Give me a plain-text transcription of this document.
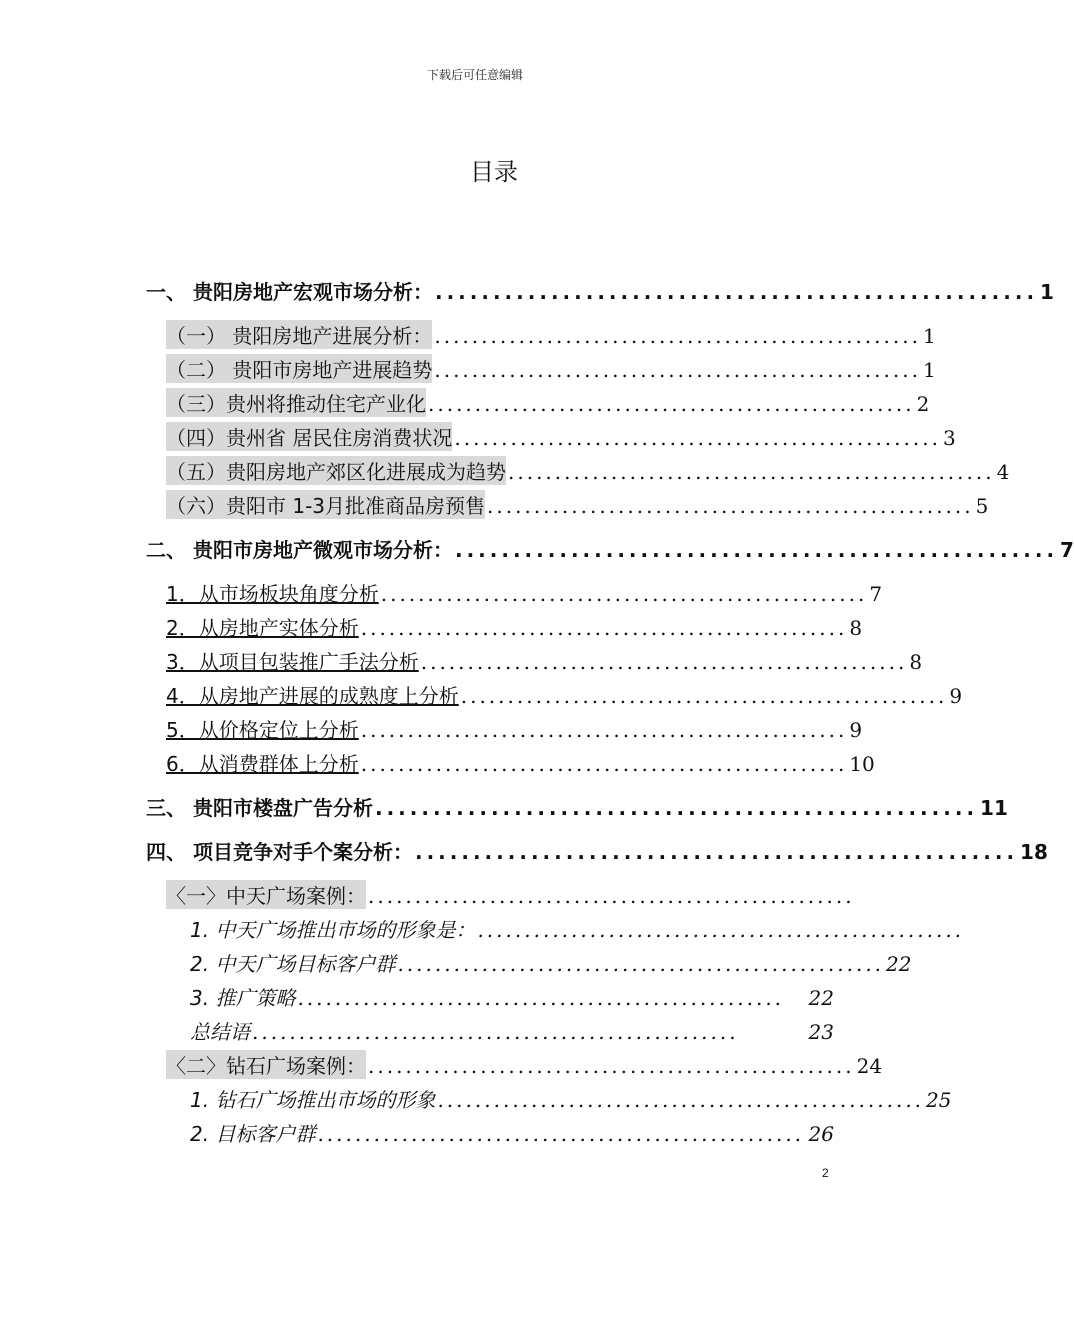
下载后可任意编辑
目录
一、 贵阳房地产宏观市场分析： .................................................... 1
（一） 贵阳房地产进展分析： .................................................... 1
（二） 贵阳市房地产进展趋势 .................................................... 1
（三）贵州将推动住宅产业化 .................................................... 2
（四）贵州省 居民住房消费状况 .................................................... 3
（五）贵阳房地产郊区化进展成为趋势 .................................................... 4
（六）贵阳市 1-3月批准商品房预售 .................................................... 5
二、 贵阳市房地产微观市场分析： .................................................... 7
1．从市场板块角度分析 .................................................... 7
2．从房地产实体分析 .................................................... 8
3．从项目包装推广手法分析 .................................................... 8
4．从房地产进展的成熟度上分析 .................................................... 9
5．从价格定位上分析 .................................................... 9
6．从消费群体上分析 .................................................... 10
三、 贵阳市楼盘广告分析 .................................................... 11
四、 项目竞争对手个案分析： .................................................... 18
〈一〉中天广场案例： ....................................................
1. 中天广场推出市场的形象是： ....................................................
2. 中天广场目标客户群 .................................................... 22
3. 推广策略 ....................................................	22
总结语 ....................................................	23
〈二〉钻石广场案例： .................................................... 24
1. 钻石广场推出市场的形象 .................................................... 25
2. 目标客户群 .................................................... 26
2
